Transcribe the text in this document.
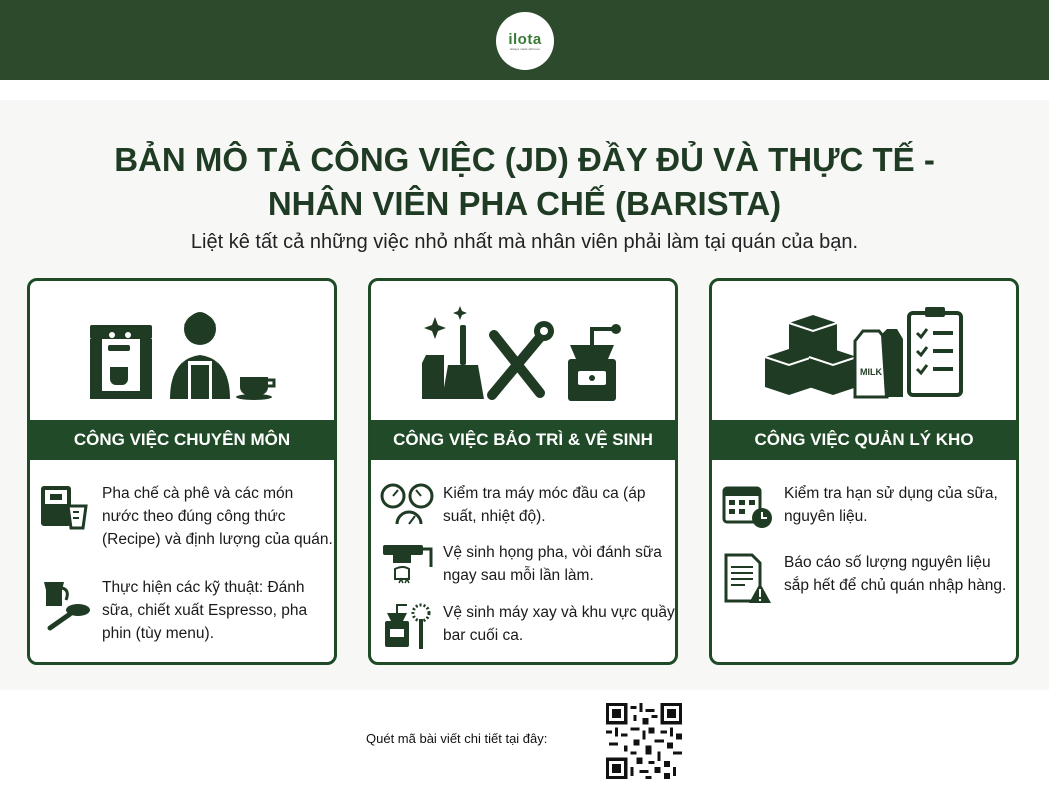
ilota
always made with love
BẢN MÔ TẢ CÔNG VIỆC (JD) ĐẦY ĐỦ VÀ THỰC TẾ -
NHÂN VIÊN PHA CHẾ (BARISTA)
Liệt kê tất cả những việc nhỏ nhất mà nhân viên phải làm tại quán của bạn.
CÔNG VIỆC CHUYÊN MÔN
Pha chế cà phê và các món nước theo đúng công thức (Recipe) và định lượng của quán.
Thực hiện các kỹ thuật: Đánh sữa, chiết xuất Espresso, pha phin (tùy menu).
CÔNG VIỆC BẢO TRÌ & VỆ SINH
Kiểm tra máy móc đầu ca (áp suất, nhiệt độ).
Vệ sinh họng pha, vòi đánh sữa ngay sau mỗi lần làm.
Vệ sinh máy xay và khu vực quầy bar cuối ca.
MILK
CÔNG VIỆC QUẢN LÝ KHO
Kiểm tra hạn sử dụng của sữa, nguyên liệu.
Báo cáo số lượng nguyên liệu sắp hết để chủ quán nhập hàng.
Quét mã bài viết chi tiết tại đây:
